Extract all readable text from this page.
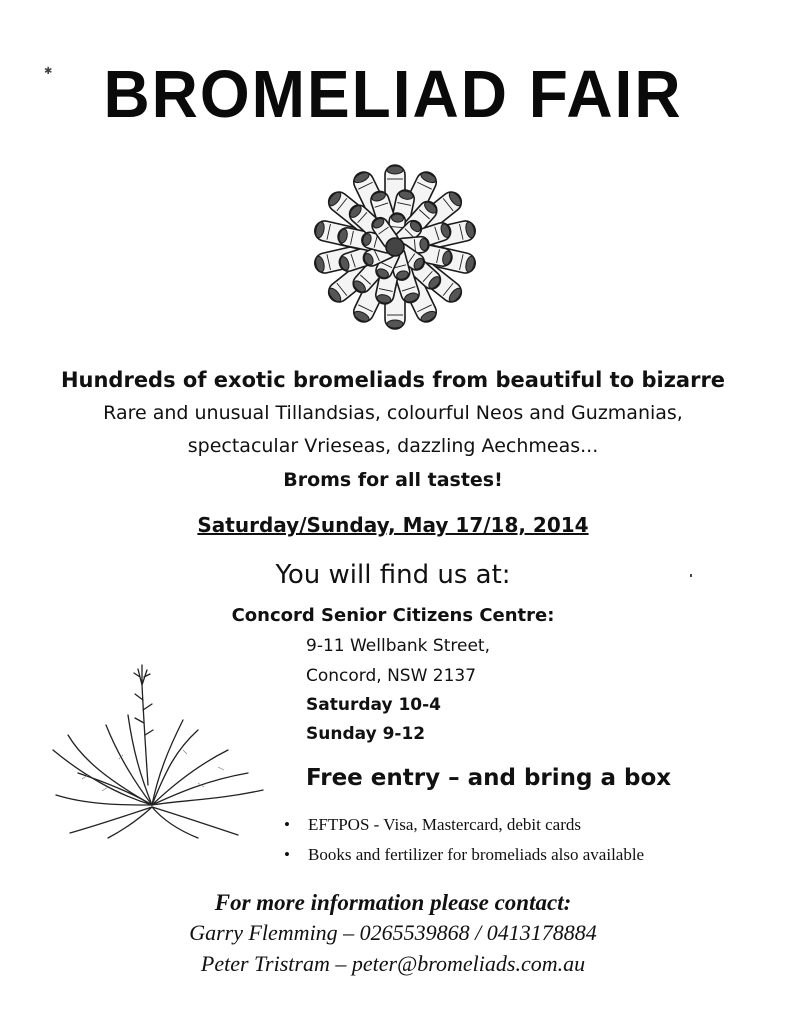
✱ BROMELIAD FAIR
Hundreds of exotic bromeliads from beautiful to bizarre
Rare and unusual Tillandsias, colourful Neos and Guzmanias,
spectacular Vrieseas, dazzling Aechmeas...
Broms for all tastes!
Saturday/Sunday, May 17/18, 2014
You will find us at:
Concord Senior Citizens Centre:
9-11 Wellbank Street,
Concord, NSW 2137
Saturday 10-4
Sunday 9-12
Free entry – and bring a box
• EFTPOS - Visa, Mastercard, debit cards
• Books and fertilizer for bromeliads also available
For more information please contact:
Garry Flemming – 0265539868 / 0413178884
Peter Tristram – peter@bromeliads.com.au
